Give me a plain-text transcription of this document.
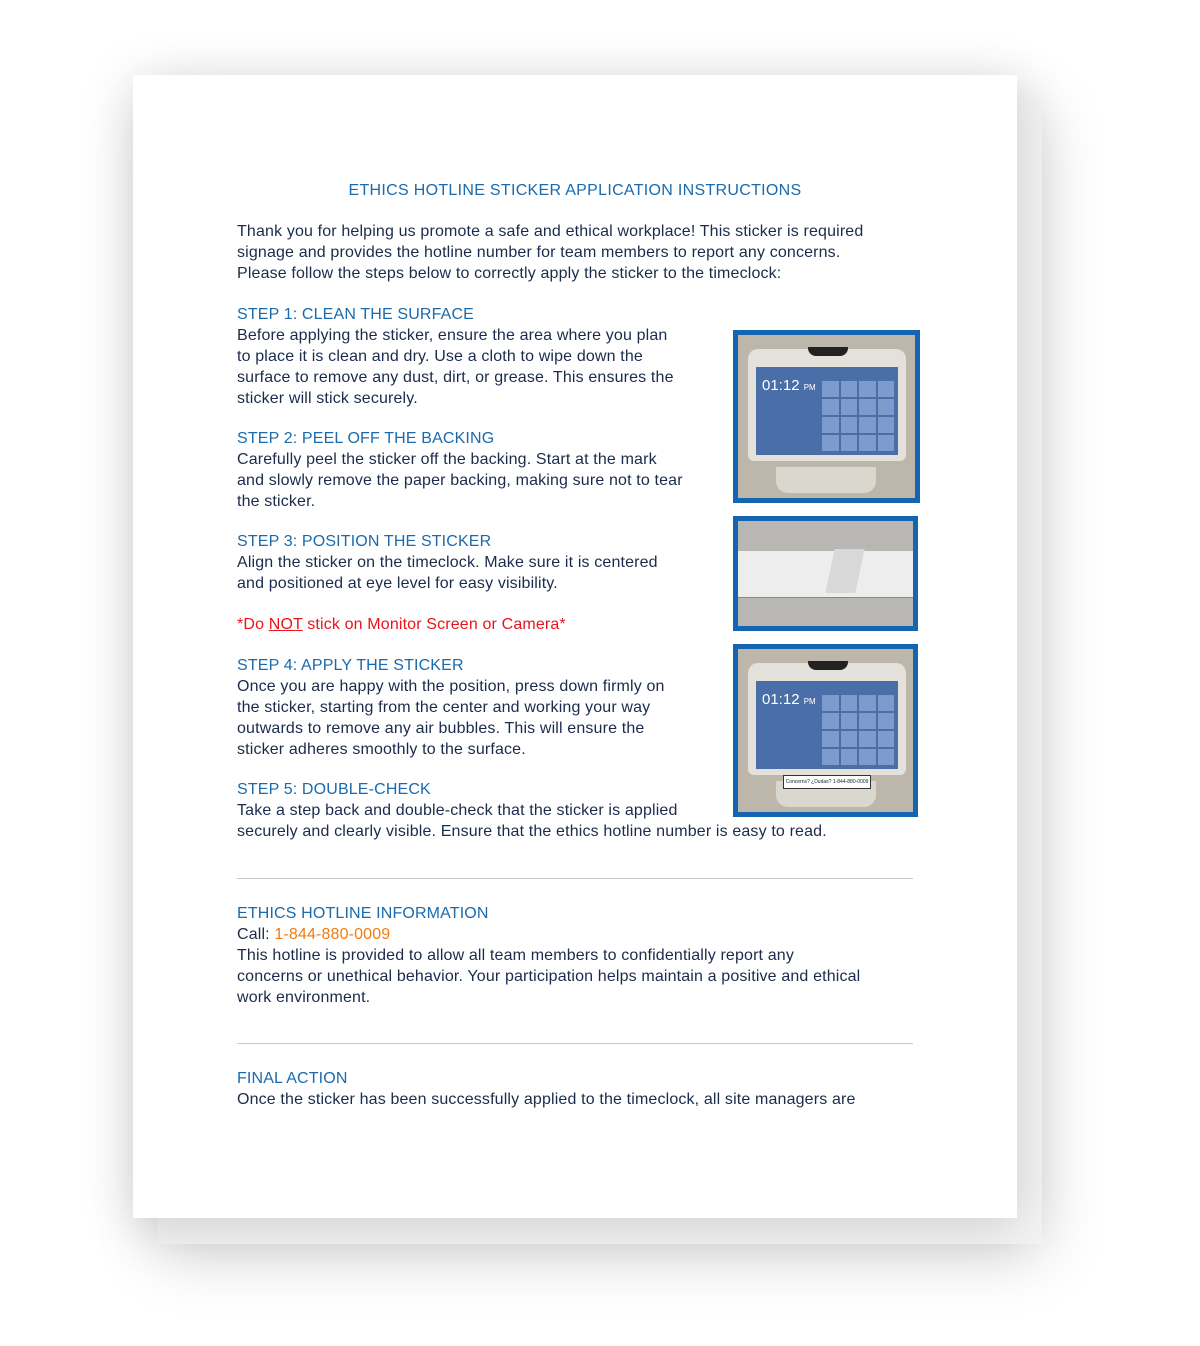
ETHICS HOTLINE STICKER APPLICATION INSTRUCTIONS
Thank you for helping us promote a safe and ethical workplace! This sticker is required
signage and provides the hotline number for team members to report any concerns.
Please follow the steps below to correctly apply the sticker to the timeclock:
STEP 1: CLEAN THE SURFACE
Before applying the sticker, ensure the area where you plan
to place it is clean and dry. Use a cloth to wipe down the
surface to remove any dust, dirt, or grease. This ensures the
sticker will stick securely.
STEP 2: PEEL OFF THE BACKING
Carefully peel the sticker off the backing. Start at the mark
and slowly remove the paper backing, making sure not to tear
the sticker.
STEP 3: POSITION THE STICKER
Align the sticker on the timeclock. Make sure it is centered
and positioned at eye level for easy visibility.
*Do NOT stick on Monitor Screen or Camera*
STEP 4: APPLY THE STICKER
Once you are happy with the position, press down firmly on
the sticker, starting from the center and working your way
outwards to remove any air bubbles. This will ensure the
sticker adheres smoothly to the surface.
STEP 5: DOUBLE-CHECK
Take a step back and double-check that the sticker is applied
securely and clearly visible. Ensure that the ethics hotline number is easy to read.
ETHICS HOTLINE INFORMATION
Call: 1-844-880-0009
This hotline is provided to allow all team members to confidentially report any
concerns or unethical behavior. Your participation helps maintain a positive and ethical
work environment.
FINAL ACTION
Once the sticker has been successfully applied to the timeclock, all site managers are
01:12 PM
01:12 PM
Concerns? ¿Dudas? 1-844-880-0009
